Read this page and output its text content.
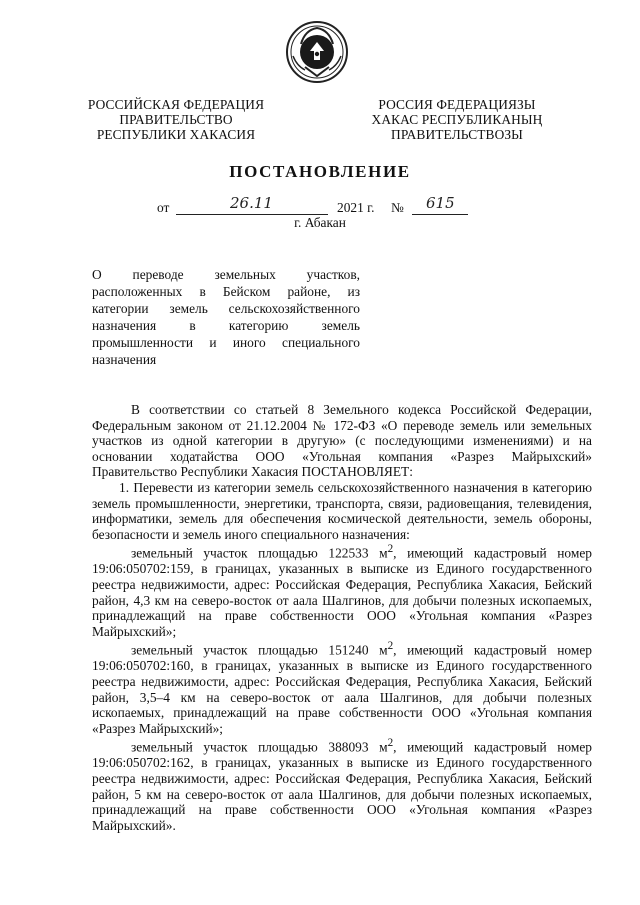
РОССИЙСКАЯ ФЕДЕРАЦИЯ
ПРАВИТЕЛЬСТВО
РЕСПУБЛИКИ ХАКАСИЯ
РОССИЯ ФЕДЕРАЦИЯЗЫ
ХАКАС РЕСПУБЛИКАНЫҢ
ПРАВИТЕЛЬСТВОЗЫ
ПОСТАНОВЛЕНИЕ
от	26.11	2021 г. № 615
г. Абакан
О переводе земельных участков, расположенных в Бейском районе, из категории земель сельскохозяйственного назначения в категорию земель промышленности и иного специального назначения

В соответствии со статьей 8 Земельного кодекса Российской Федерации, Федеральным законом от 21.12.2004 № 172-ФЗ «О переводе земель или земельных участков из одной категории в другую» (с последующими изменениями) и на основании ходатайства ООО «Угольная компания «Разрез Майрыхский» Правительство Республики Хакасия ПОСТАНОВЛЯЕТ:

1. Перевести из категории земель сельскохозяйственного назначения в категорию земель промышленности, энергетики, транспорта, связи, радиовещания, телевидения, информатики, земель для обеспечения космической деятельности, земель обороны, безопасности и земель иного специального назначения:

земельный участок площадью 122533 $м^2$, имеющий кадастровый номер 19:06:050702:159, в границах, указанных в выписке из Единого государственного реестра недвижимости, адрес: Российская Федерация, Республика Хакасия, Бейский район, 4,3 км на северо-восток от аала Шалгинов, для добычи полезных ископаемых, принадлежащий на праве собственности ООО «Угольная компания «Разрез Майрыхский»;

земельный участок площадью 151240 $м^2$, имеющий кадастровый номер 19:06:050702:160, в границах, указанных в выписке из Единого государственного реестра недвижимости, адрес: Российская Федерация, Республика Хакасия, Бейский район, 3,5–4 км на северо-восток от аала Шалгинов, для добычи полезных ископаемых, принадлежащий на праве собственности ООО «Угольная компания «Разрез Майрыхский»;

земельный участок площадью 388093 $м^2$, имеющий кадастровый номер 19:06:050702:162, в границах, указанных в выписке из Единого государственного реестра недвижимости, адрес: Российская Федерация, Республика Хакасия, Бейский район, 5 км на северо-восток от аала Шалгинов, для добычи полезных ископаемых, принадлежащий на праве собственности ООО «Угольная компания «Разрез Майрыхский».
